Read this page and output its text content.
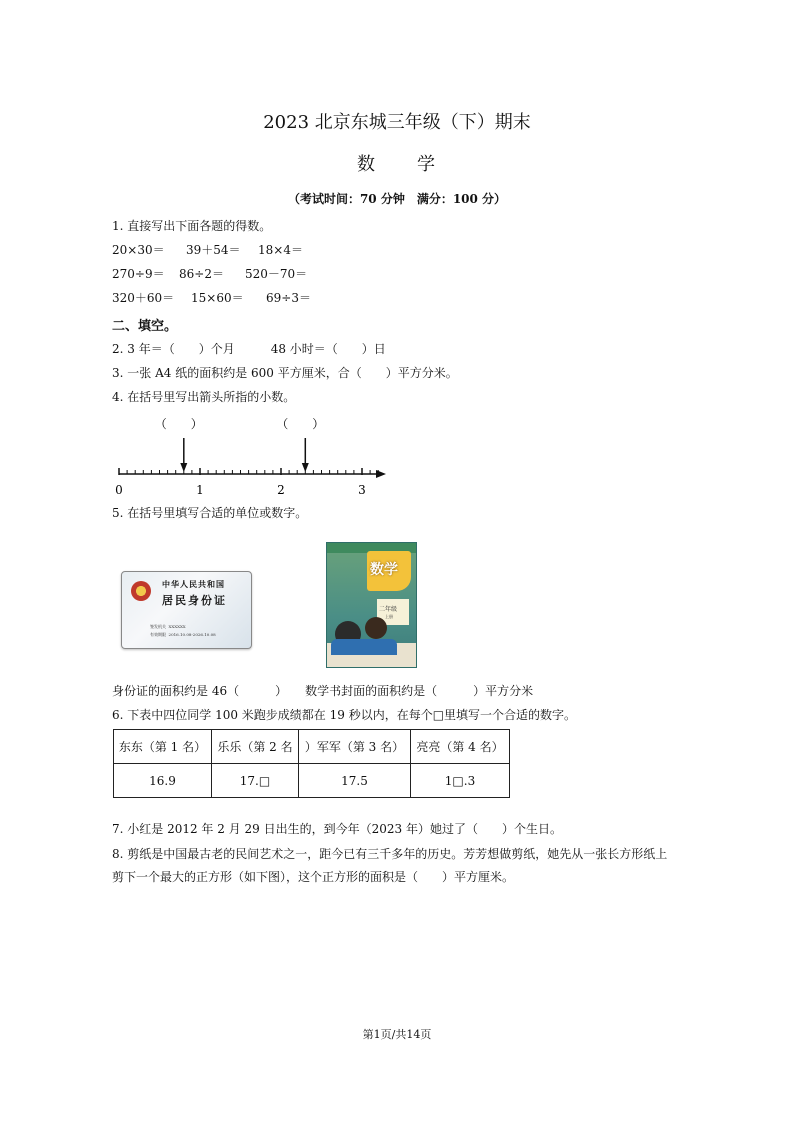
2023 北京东城三年级（下）期末
数　　学
（考试时间：70 分钟　满分：100 分）
1. 直接写出下面各题的得数。
20×30＝ 39＋54＝ 18×4＝
270÷9＝ 86÷2＝ 520－70＝
320＋60＝ 15×60＝ 69÷3＝
二、填空。
2. 3 年＝（　　）个月　　　48 小时＝（　　）日
3. 一张 A4 纸的面积约是 600 平方厘米，合（　　）平方分米。
4. 在括号里写出箭头所指的小数。
0	1	2	3
（　　）	（　　）
5. 在括号里填写合适的单位或数字。
中华人民共和国
居民身份证
签发机关 XXXXXX
有效期限 2016.10.08-2026.10.08
数学
二年级
上册
身份证的面积约是 46（　　　）　　数学书封面的面积约是（　　　）平方分米
6. 下表中四位同学 100 米跑步成绩都在 19 秒以内，在每个□里填写一个合适的数字。
东东（第 1 名）	乐乐（第 2 名	）军军（第 3 名）	亮亮（第 4 名）
16.9	17.□	17.5	1□.3
7. 小红是 2012 年 2 月 29 日出生的，到今年（2023 年）她过了（　　）个生日。
8. 剪纸是中国最古老的民间艺术之一，距今已有三千多年的历史。芳芳想做剪纸，她先从一张长方形纸上
剪下一个最大的正方形（如下图），这个正方形的面积是（　　）平方厘米。
第1页/共14页
